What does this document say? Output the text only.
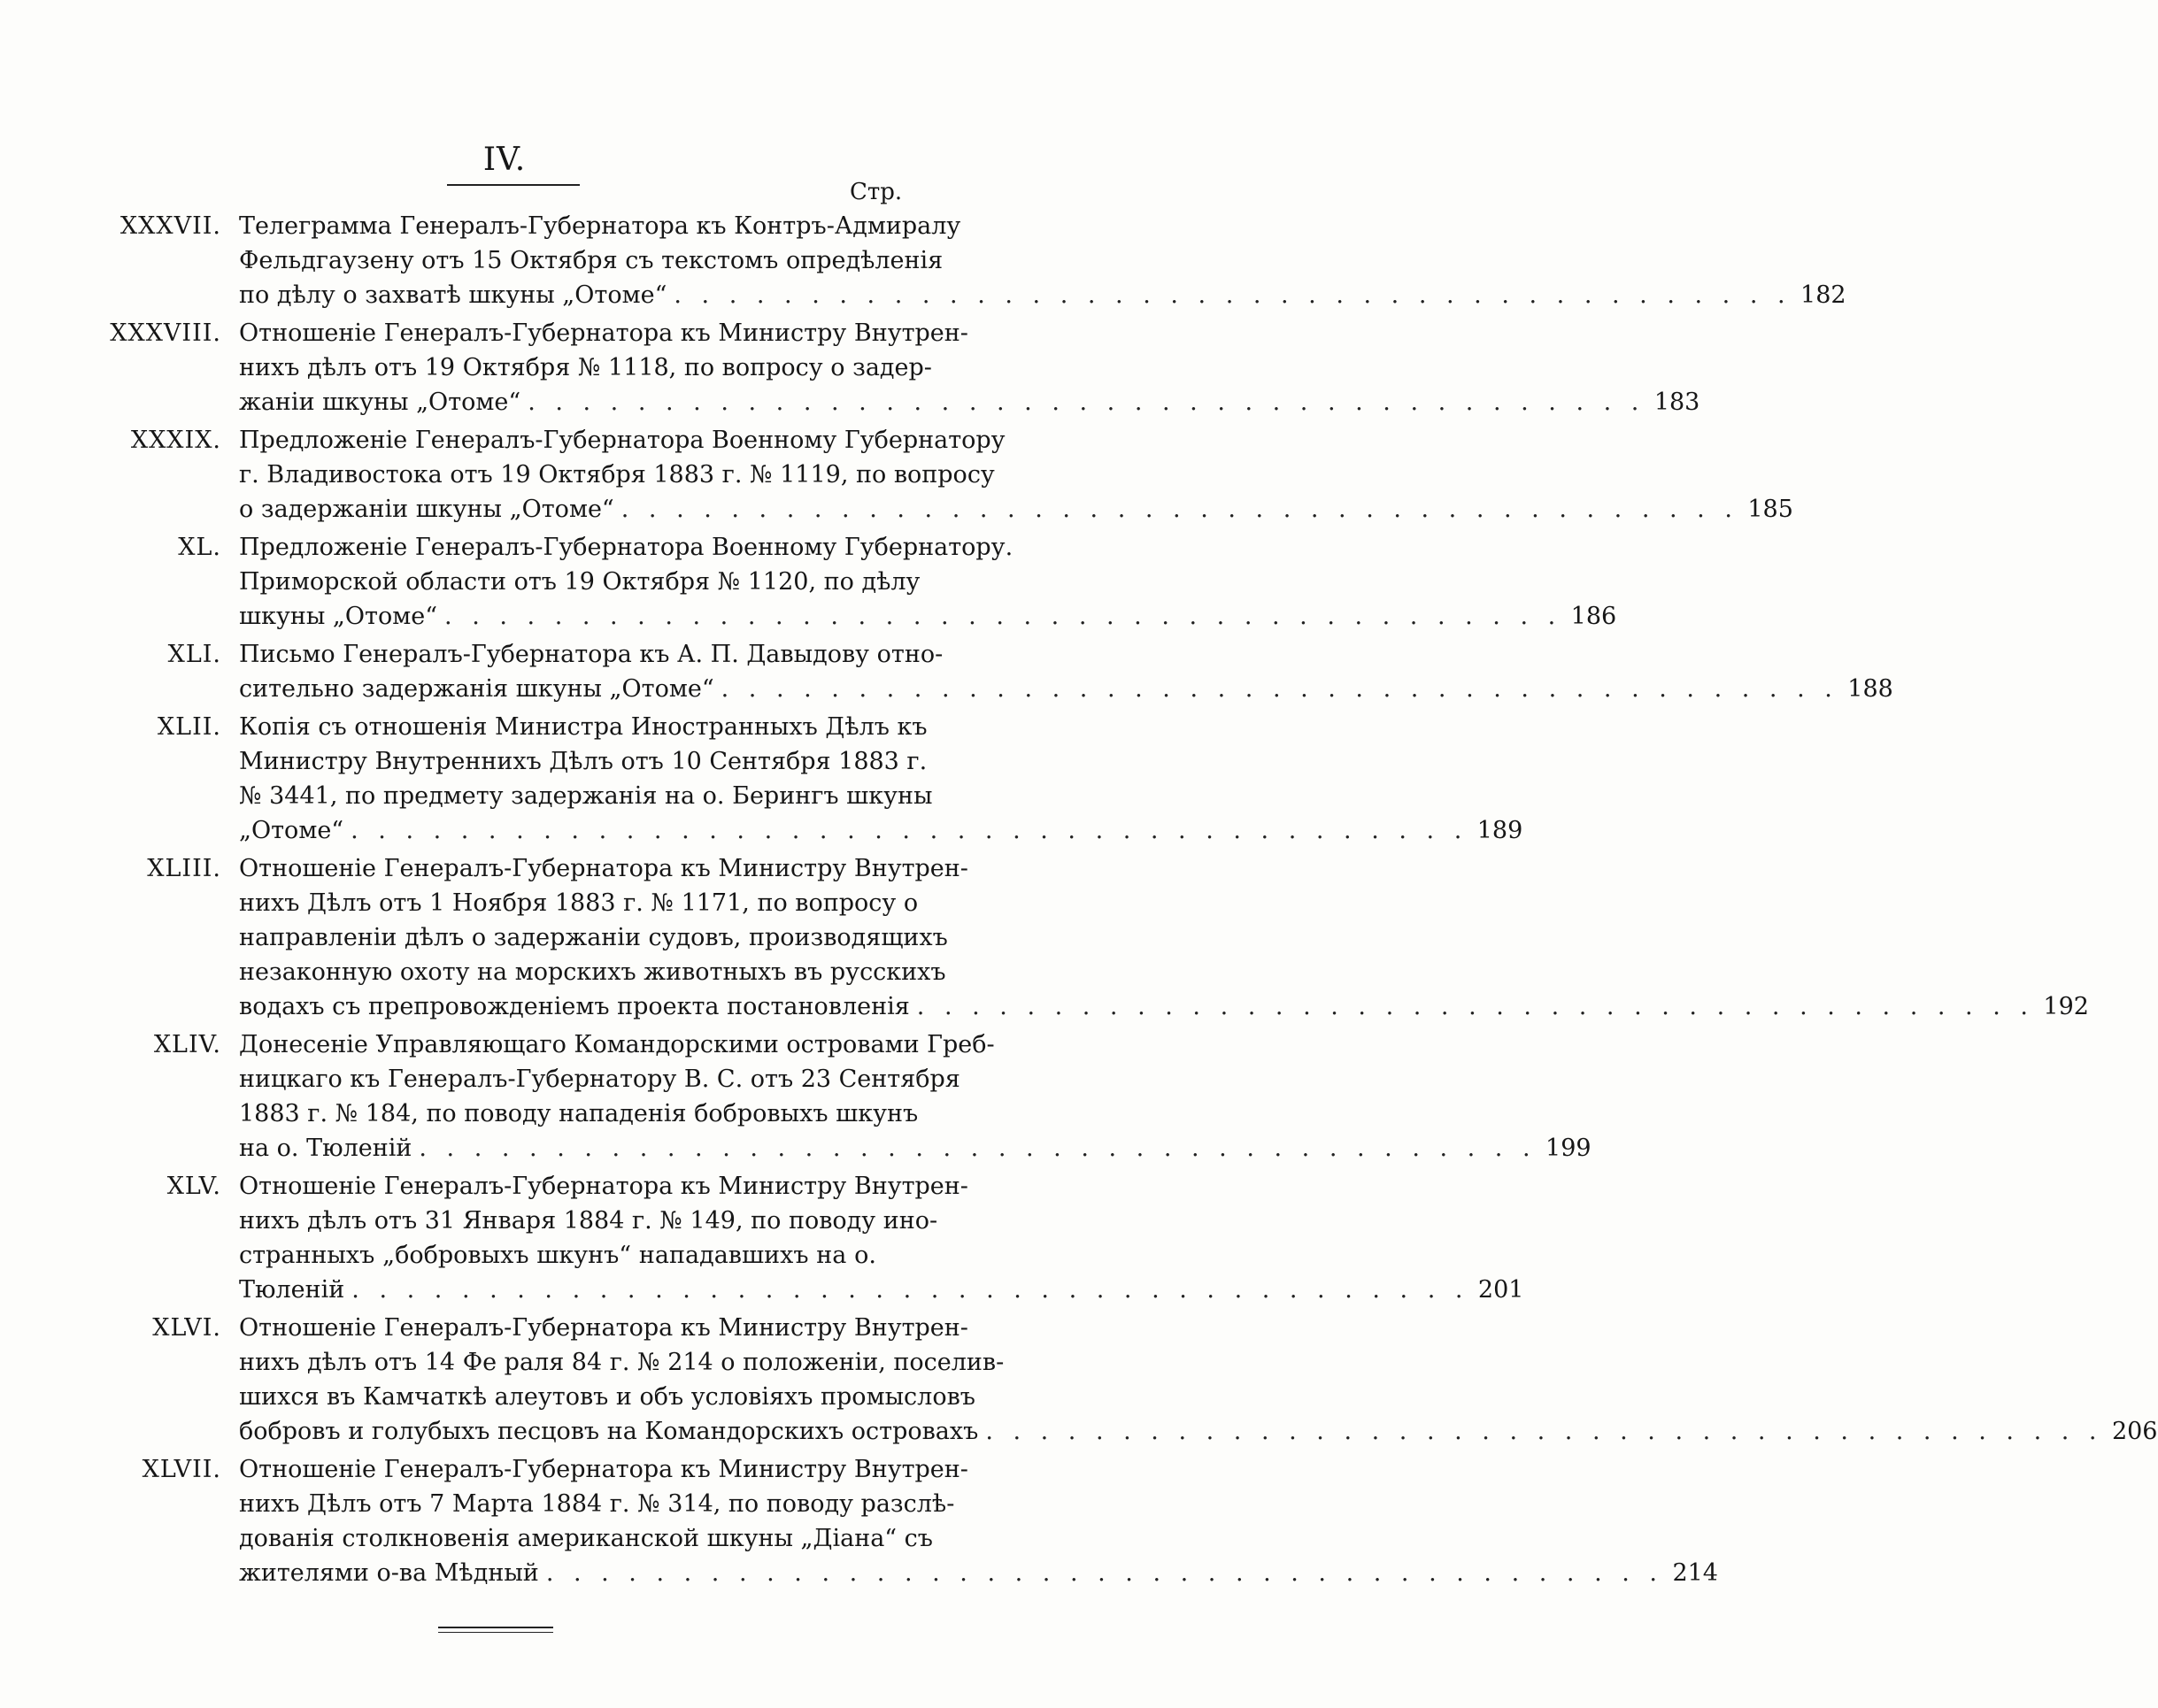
IV.
Стр.
XXXVII. Телеграмма Генералъ-Губернатора къ Контръ-Адмиралу
Фельдгаузену отъ 15 Октября съ текстомъ опредѣленія
по дѣлу о захватѣ шкуны „Отоме“ . . . . . . . . . . . . . . . . . . . . . . . . . . . . . . . . . . . . . . . . . 182
XXXVIII. Отношеніе Генералъ-Губернатора къ Министру Внутрен-
нихъ дѣлъ отъ 19 Октября № 1118, по вопросу о задер-
жаніи шкуны „Отоме“ . . . . . . . . . . . . . . . . . . . . . . . . . . . . . . . . . . . . . . . . . 183
XXXIX. Предложеніе Генералъ-Губернатора Военному Губернатору
г. Владивостока отъ 19 Октября 1883 г. № 1119, по вопросу
о задержаніи шкуны „Отоме“ . . . . . . . . . . . . . . . . . . . . . . . . . . . . . . . . . . . . . . . . . 185
XL. Предложеніе Генералъ-Губернатора Военному Губернатору.
Приморской области отъ 19 Октября № 1120, по дѣлу
шкуны „Отоме“ . . . . . . . . . . . . . . . . . . . . . . . . . . . . . . . . . . . . . . . . . 186
XLI. Письмо Генералъ-Губернатора къ А. П. Давыдову отно-
сительно задержанія шкуны „Отоме“ . . . . . . . . . . . . . . . . . . . . . . . . . . . . . . . . . . . . . . . . . 188
XLII. Копія съ отношенія Министра Иностранныхъ Дѣлъ къ
Министру Внутреннихъ Дѣлъ отъ 10 Сентября 1883 г.
№ 3441, по предмету задержанія на о. Берингъ шкуны
„Отоме“ . . . . . . . . . . . . . . . . . . . . . . . . . . . . . . . . . . . . . . . . . 189
XLIII. Отношеніе Генералъ-Губернатора къ Министру Внутрен-
нихъ Дѣлъ отъ 1 Ноября 1883 г. № 1171, по вопросу о
направленіи дѣлъ о задержаніи судовъ, производящихъ
незаконную охоту на морскихъ животныхъ въ русскихъ
водахъ съ препровожденіемъ проекта постановленія . . . . . . . . . . . . . . . . . . . . . . . . . . . . . . . . . . . . . . . . . 192
XLIV. Донесеніе Управляющаго Командорскими островами Греб-
ницкаго къ Генералъ-Губернатору В. С. отъ 23 Сентября
1883 г. № 184, по поводу нападенія бобровыхъ шкунъ
на о. Тюленій . . . . . . . . . . . . . . . . . . . . . . . . . . . . . . . . . . . . . . . . . 199
XLV. Отношеніе Генералъ-Губернатора къ Министру Внутрен-
нихъ дѣлъ отъ 31 Января 1884 г. № 149, по поводу ино-
странныхъ „бобровыхъ шкунъ“ нападавшихъ на о.
Тюленій . . . . . . . . . . . . . . . . . . . . . . . . . . . . . . . . . . . . . . . . . 201
XLVI. Отношеніе Генералъ-Губернатора къ Министру Внутрен-
нихъ дѣлъ отъ 14 Фе раля 84 г. № 214 о положеніи, поселив-
шихся въ Камчаткѣ алеутовъ и объ условіяхъ промысловъ
бобровъ и голубыхъ песцовъ на Командорскихъ островахъ . . . . . . . . . . . . . . . . . . . . . . . . . . . . . . . . . . . . . . . . . 206
XLVII. Отношеніе Генералъ-Губернатора къ Министру Внутрен-
нихъ Дѣлъ отъ 7 Марта 1884 г. № 314, по поводу разслѣ-
дованія столкновенія американской шкуны „Діана“ съ
жителями о-ва Мѣдный . . . . . . . . . . . . . . . . . . . . . . . . . . . . . . . . . . . . . . . . . 214
